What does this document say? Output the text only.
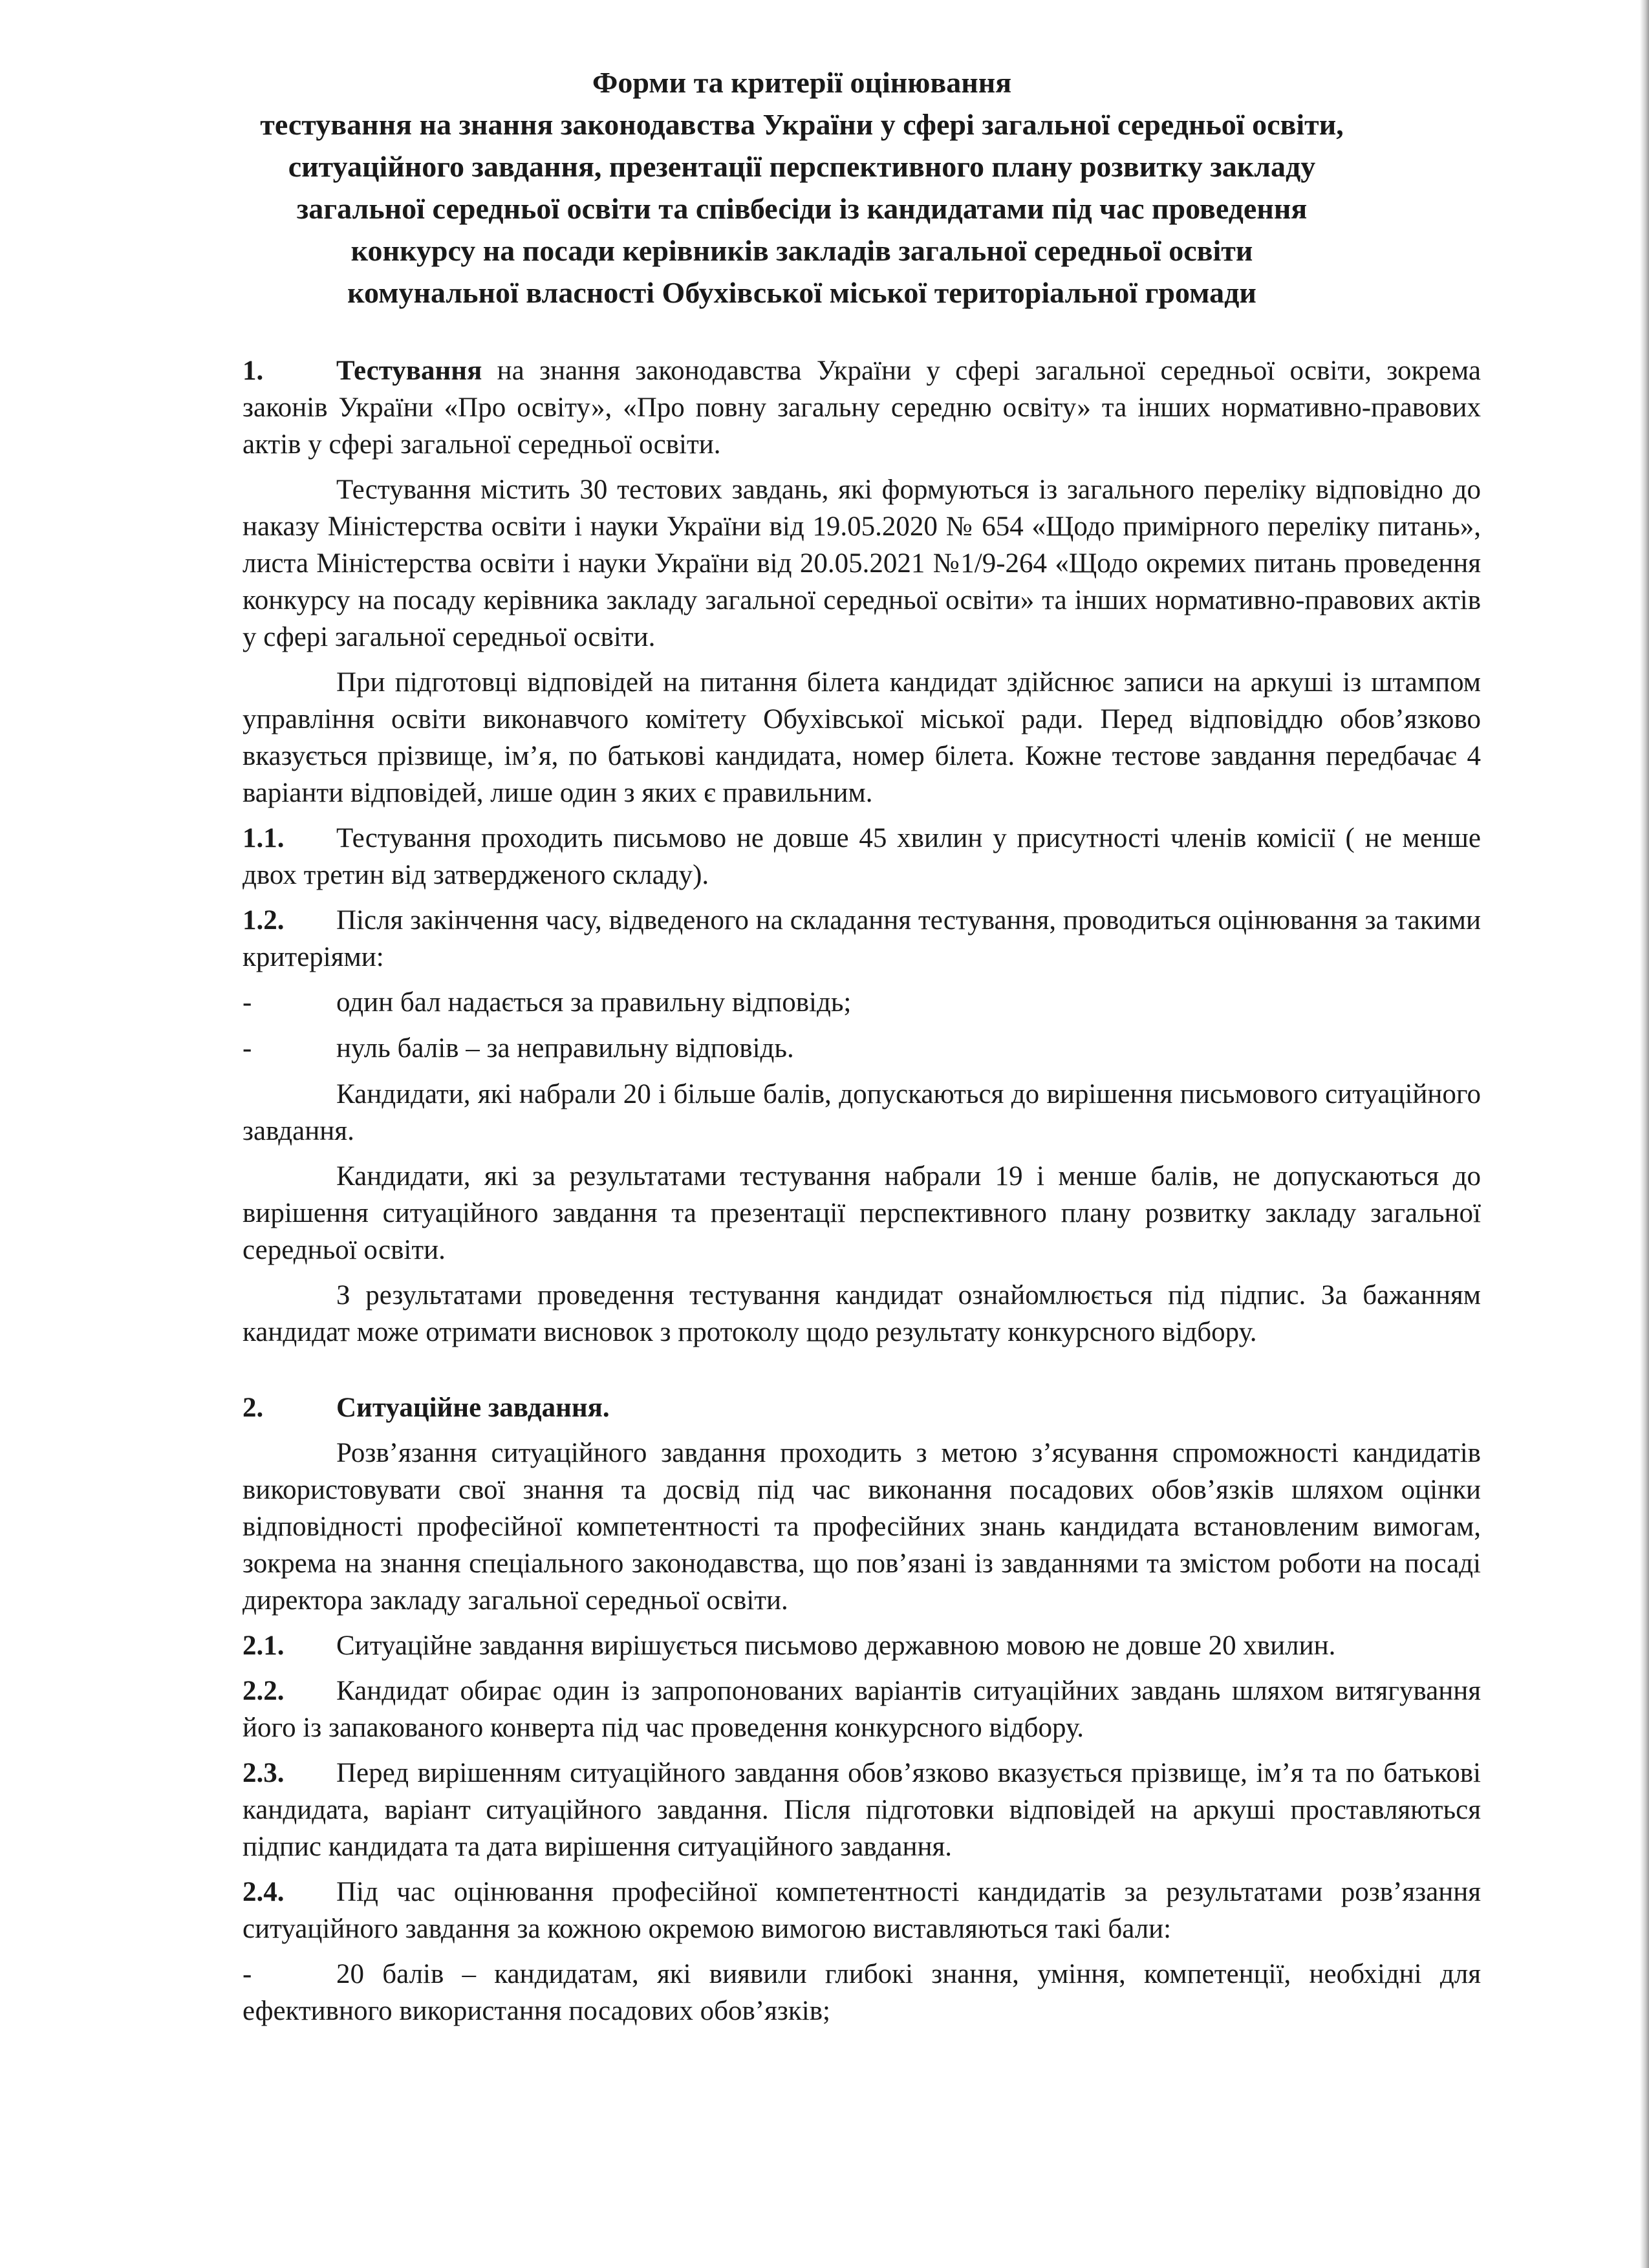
Форми та критерії оцінювання
тестування на знання законодавства України у сфері загальної середньої освіти,
ситуаційного завдання, презентації перспективного плану розвитку закладу
загальної середньої освіти та співбесіди із кандидатами під час проведення
конкурсу на посади керівників закладів загальної середньої освіти
комунальної власності Обухівської міської територіальної громади
1.	Тестування на знання законодавства України у сфері загальної середньої освіти, зокрема законів України «Про освіту», «Про повну загальну середню освіту» та інших нормативно-правових актів у сфері загальної середньої освіти.
Тестування містить 30 тестових завдань, які формуються із загального переліку відповідно до наказу Міністерства освіти і науки України від 19.05.2020 № 654 «Щодо примірного переліку питань», листа Міністерства освіти і науки України від 20.05.2021 №1/9-264 «Щодо окремих питань проведення конкурсу на посаду керівника закладу загальної середньої освіти» та інших нормативно-правових актів у сфері загальної середньої освіти.
При підготовці відповідей на питання білета кандидат здійснює записи на аркуші із штампом управління освіти виконавчого комітету Обухівської міської ради. Перед відповіддю обов’язково вказується прізвище, ім’я, по батькові кандидата, номер білета. Кожне тестове завдання передбачає 4 варіанти відповідей, лише один з яких є правильним.
1.1. Тестування проходить письмово не довше 45 хвилин у присутності членів комісії ( не менше двох третин від затвердженого складу).
1.2. Після закінчення часу, відведеного на складання тестування, проводиться оцінювання за такими критеріями:
-	один бал надається за правильну відповідь;
-	нуль балів – за неправильну відповідь.
Кандидати, які набрали 20 і більше балів, допускаються до вирішення письмового ситуаційного завдання.
Кандидати, які за результатами тестування набрали 19 і менше балів, не допускаються до вирішення ситуаційного завдання та презентації перспективного плану розвитку закладу загальної середньої освіти.
З результатами проведення тестування кандидат ознайомлюється під підпис. За бажанням кандидат може отримати висновок з протоколу щодо результату конкурсного відбору.
2.	Ситуаційне завдання.
Розв’язання ситуаційного завдання проходить з метою з’ясування спроможності кандидатів використовувати свої знання та досвід під час виконання посадових обов’язків шляхом оцінки відповідності професійної компетентності та професійних знань кандидата встановленим вимогам, зокрема на знання спеціального законодавства, що пов’язані із завданнями та змістом роботи на посаді директора закладу загальної середньої освіти.
2.1. Ситуаційне завдання вирішується письмово державною мовою не довше 20 хвилин.
2.2. Кандидат обирає один із запропонованих варіантів ситуаційних завдань шляхом витягування його із запакованого конверта під час проведення конкурсного відбору.
2.3. Перед вирішенням ситуаційного завдання обов’язково вказується прізвище, ім’я та по батькові кандидата, варіант ситуаційного завдання. Після підготовки відповідей на аркуші проставляються підпис кандидата та дата вирішення ситуаційного завдання.
2.4. Під час оцінювання професійної компетентності кандидатів за результатами розв’язання ситуаційного завдання за кожною окремою вимогою виставляються такі бали:
-	20 балів – кандидатам, які виявили глибокі знання, уміння, компетенції, необхідні для ефективного використання посадових обов’язків;
